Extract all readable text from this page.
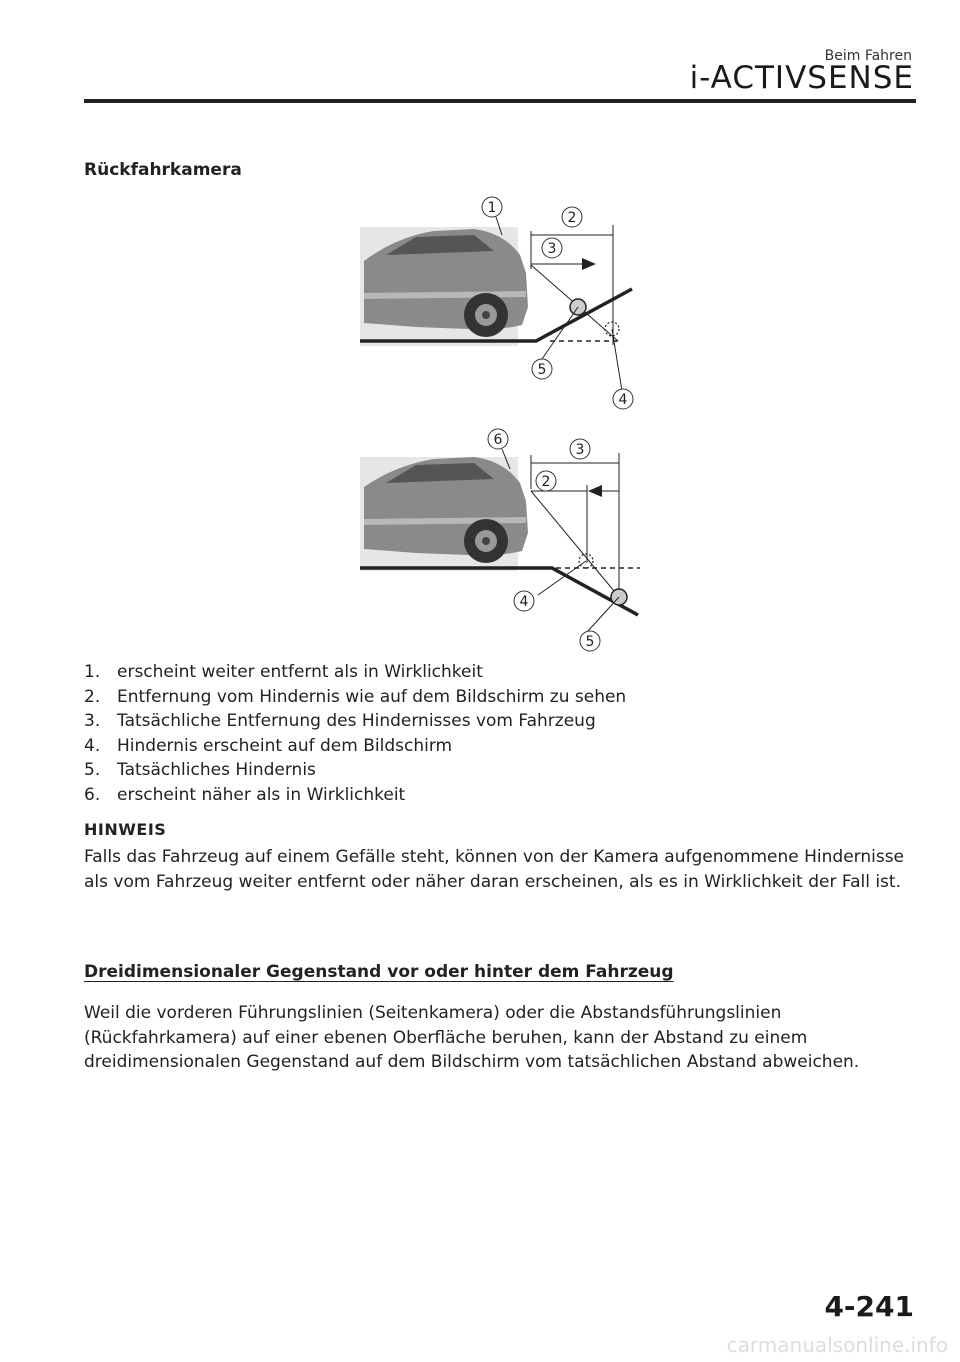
Beim Fahren
i-ACTIVSENSE
Rückfahrkamera
1
2
3
4
5
2
3
4
5
6
1. erscheint weiter entfernt als in Wirklichkeit
2. Entfernung vom Hindernis wie auf dem Bildschirm zu sehen
3. Tatsächliche Entfernung des Hindernisses vom Fahrzeug
4. Hindernis erscheint auf dem Bildschirm
5. Tatsächliches Hindernis
6. erscheint näher als in Wirklichkeit
HINWEIS
Falls das Fahrzeug auf einem Gefälle steht, können von der Kamera aufgenommene Hindernisse als vom Fahrzeug weiter entfernt oder näher daran erscheinen, als es in Wirklichkeit der Fall ist.
Dreidimensionaler Gegenstand vor oder hinter dem Fahrzeug
Weil die vorderen Führungslinien (Seitenkamera) oder die Abstandsführungslinien (Rückfahrkamera) auf einer ebenen Oberfläche beruhen, kann der Abstand zu einem dreidimensionalen Gegenstand auf dem Bildschirm vom tatsächlichen Abstand abweichen.
4-241
carmanualsonline.info
